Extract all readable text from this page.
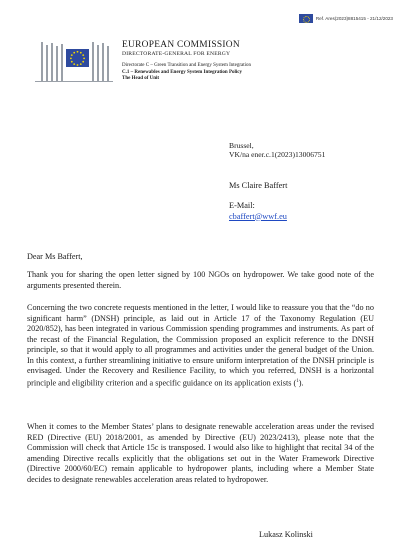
Ref. Ares(2023)8815415 - 21/12/2023
EUROPEAN COMMISSION
DIRECTORATE-GENERAL FOR ENERGY
Directorate C – Green Transition and Energy System Integration
C.1 – Renewables and Energy System Integration Policy
The Head of Unit
Brussel,
VK/na ener.c.1(2023)13006751
Ms Claire Baffert
E-Mail:
cbaffert@wwf.eu
Dear Ms Baffert,
Thank you for sharing the open letter signed by 100 NGOs on hydropower. We take good note of the arguments presented therein.
Concerning the two concrete requests mentioned in the letter, I would like to reassure you that the “do no significant harm” (DNSH) principle, as laid out in Article 17 of the Taxonomy Regulation (EU 2020/852), has been integrated in various Commission spending programmes and instruments. As part of the recast of the Financial Regulation, the Commission proposed an explicit reference to the DNSH principle, so that it would apply to all programmes and activities under the general budget of the Union. In this context, a further streamlining initiative to ensure uniform interpretation of the DNSH principle is envisaged. Under the Recovery and Resilience Facility, to which you referred, DNSH is a horizontal principle and eligibility criterion and a specific guidance on its application exists ($^1$).
When it comes to the Member States’ plans to designate renewable acceleration areas under the revised RED (Directive (EU) 2018/2001, as amended by Directive (EU) 2023/2413), please note that the Commission will check that Article 15c is transposed. I would also like to highlight that recital 34 of the amending Directive recalls explicitly that the obligations set out in the Water Framework Directive (Directive 2000/60/EC) remain applicable to hydropower plants, including where a Member State decides to designate renewables acceleration areas related to hydropower.
Lukasz Kolinski
